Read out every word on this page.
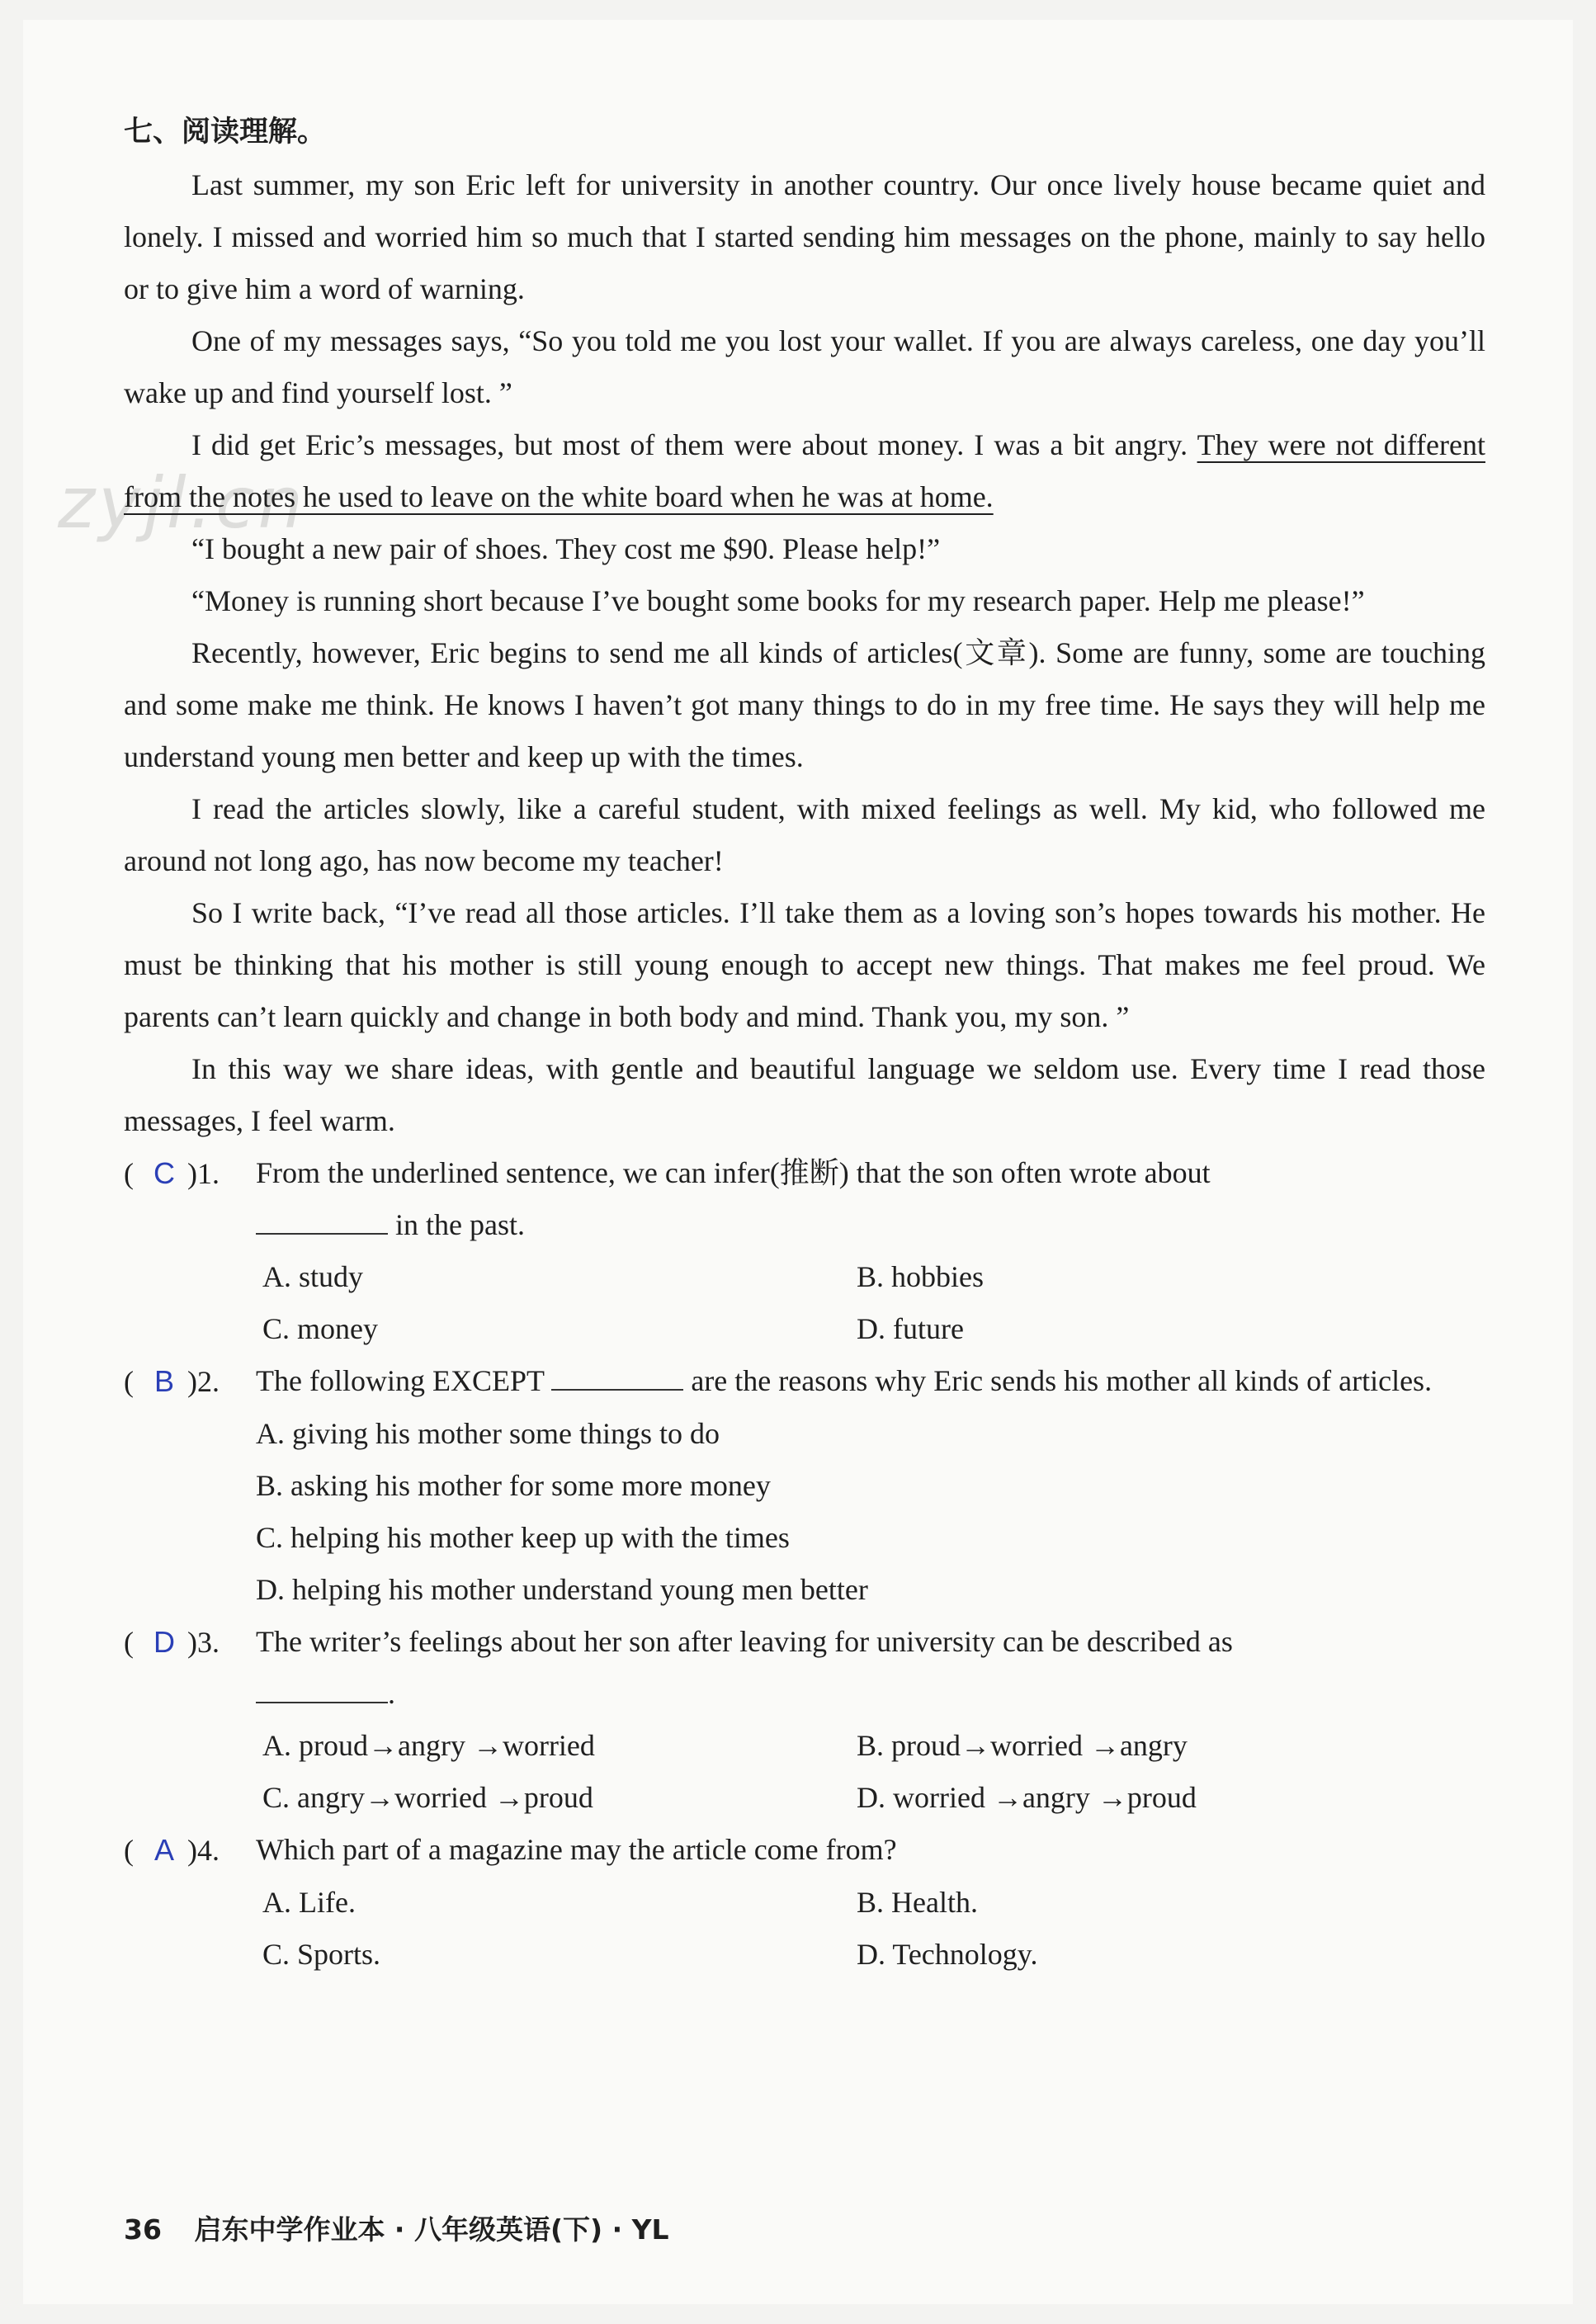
zyjl.cn
七、阅读理解。
Last summer, my son Eric left for university in another country. Our once lively house became quiet and lonely. I missed and worried him so much that I started sending him messages on the phone, mainly to say hello or to give him a word of warning.
One of my messages says, “So you told me you lost your wallet. If you are always careless, one day you’ll wake up and find yourself lost. ”
I did get Eric’s messages, but most of them were about money. I was a bit angry. They were not different from the notes he used to leave on the white board when he was at home.
“I bought a new pair of shoes. They cost me $90. Please help!”
“Money is running short because I’ve bought some books for my research paper. Help me please!”
Recently, however, Eric begins to send me all kinds of articles(文章). Some are funny, some are touching and some make me think. He knows I haven’t got many things to do in my free time. He says they will help me understand young men better and keep up with the times.
I read the articles slowly, like a careful student, with mixed feelings as well. My kid, who followed me around not long ago, has now become my teacher!
So I write back, “I’ve read all those articles. I’ll take them as a loving son’s hopes towards his mother. He must be thinking that his mother is still young enough to accept new things. That makes me feel proud. We parents can’t learn quickly and change in both body and mind. Thank you, my son. ”
In this way we share ideas, with gentle and beautiful language we seldom use. Every time I read those messages, I feel warm.
( C )1.	From the underlined sentence, we can infer(推断) that the son often wrote about
in the past.
A. study	B. hobbies
C. money	D. future
( B )2.	The following EXCEPT	are the reasons why Eric sends his mother all kinds of articles.
A. giving his mother some things to do
B. asking his mother for some more money
C. helping his mother keep up with the times
D. helping his mother understand young men better
( D )3.	The writer’s feelings about her son after leaving for university can be described as
.
A. proud→angry →worried	B. proud→worried →angry
C. angry→worried →proud	D. worried →angry →proud
( A )4.	Which part of a magazine may the article come from?
A. Life.	B. Health.
C. Sports.	D. Technology.
36 启东中学作业本 · 八年级英语(下) · YL
